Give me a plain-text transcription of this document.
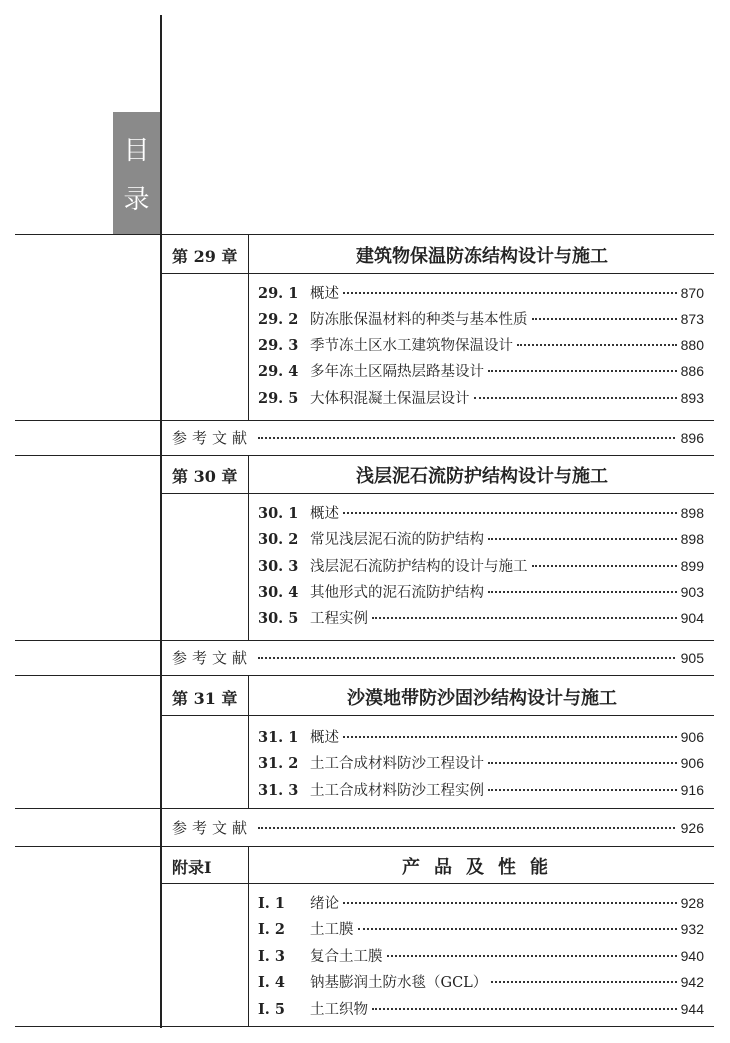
目
录
第 29 章	建筑物保温防冻结构设计与施工
29. 1 概述	870
29. 2 防冻胀保温材料的种类与基本性质	873
29. 3 季节冻土区水工建筑物保温设计	880
29. 4 多年冻土区隔热层路基设计	886
29. 5 大体积混凝土保温层设计	893
参考文献	896
第 30 章	浅层泥石流防护结构设计与施工
30. 1 概述	898
30. 2 常见浅层泥石流的防护结构	898
30. 3 浅层泥石流防护结构的设计与施工	899
30. 4 其他形式的泥石流防护结构	903
30. 5 工程实例	904
参考文献	905
第 31 章	沙漠地带防沙固沙结构设计与施工
31. 1 概述	906
31. 2 土工合成材料防沙工程设计	906
31. 3 土工合成材料防沙工程实例	916
参考文献	926
附录Ⅰ	产品及性能
Ⅰ. 1	绪论	928
Ⅰ. 2	土工膜	932
Ⅰ. 3	复合土工膜	940
Ⅰ. 4	钠基膨润土防水毯（GCL）	942
Ⅰ. 5	土工织物	944
